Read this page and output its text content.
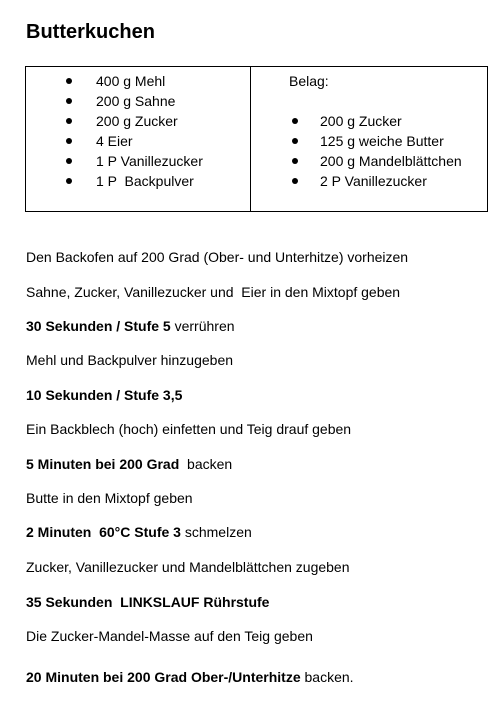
Butterkuchen
400 g Mehl
200 g Sahne
200 g Zucker
4 Eier
1 P Vanillezucker
1 P  Backpulver
Belag:
200 g Zucker
125 g weiche Butter
200 g Mandelblättchen
2 P Vanillezucker

Den Backofen auf 200 Grad (Ober- und Unterhitze) vorheizen

Sahne, Zucker, Vanillezucker und  Eier in den Mixtopf geben

30 Sekunden / Stufe 5 verrühren

Mehl und Backpulver hinzugeben

10 Sekunden / Stufe 3,5

Ein Backblech (hoch) einfetten und Teig drauf geben

5 Minuten bei 200 Grad  backen

Butte in den Mixtopf geben

2 Minuten  60°C Stufe 3 schmelzen

Zucker, Vanillezucker und Mandelblättchen zugeben

35 Sekunden  LINKSLAUF Rührstufe

Die Zucker-Mandel-Masse auf den Teig geben

20 Minuten bei 200 Grad Ober-/Unterhitze backen.
